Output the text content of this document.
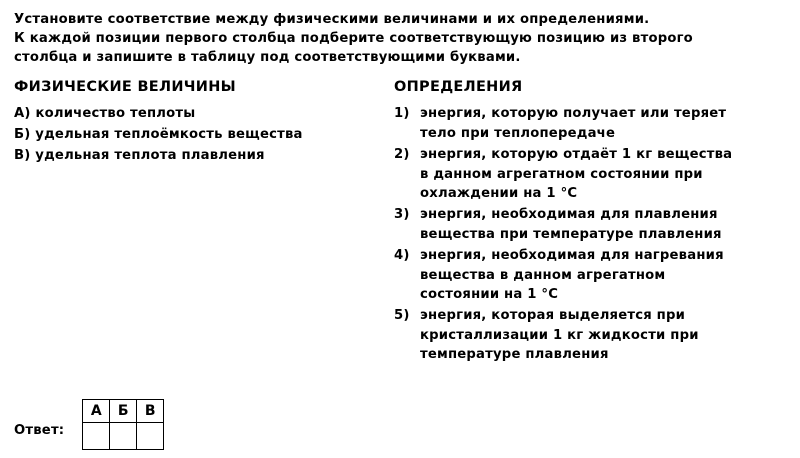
Установите соответствие между физическими величинами и их определениями.
К каждой позиции первого столбца подберите соответствующую позицию из второго
столбца и запишите в таблицу под соответствующими буквами.
ФИЗИЧЕСКИЕ ВЕЛИЧИНЫ
А) количество теплоты
Б) удельная теплоёмкость вещества
В) удельная теплота плавления
ОПРЕДЕЛЕНИЯ
1) энергия, которую получает или теряет
тело при теплопередаче
2) энергия, которую отдаёт 1 кг вещества
в данном агрегатном состоянии при
охлаждении на 1 °С
3) энергия, необходимая для плавления
вещества при температуре плавления
4) энергия, необходимая для нагревания
вещества в данном агрегатном
состоянии на 1 °С
5) энергия, которая выделяется при
кристаллизации 1 кг жидкости при
температуре плавления
Ответ:
А	Б	В
